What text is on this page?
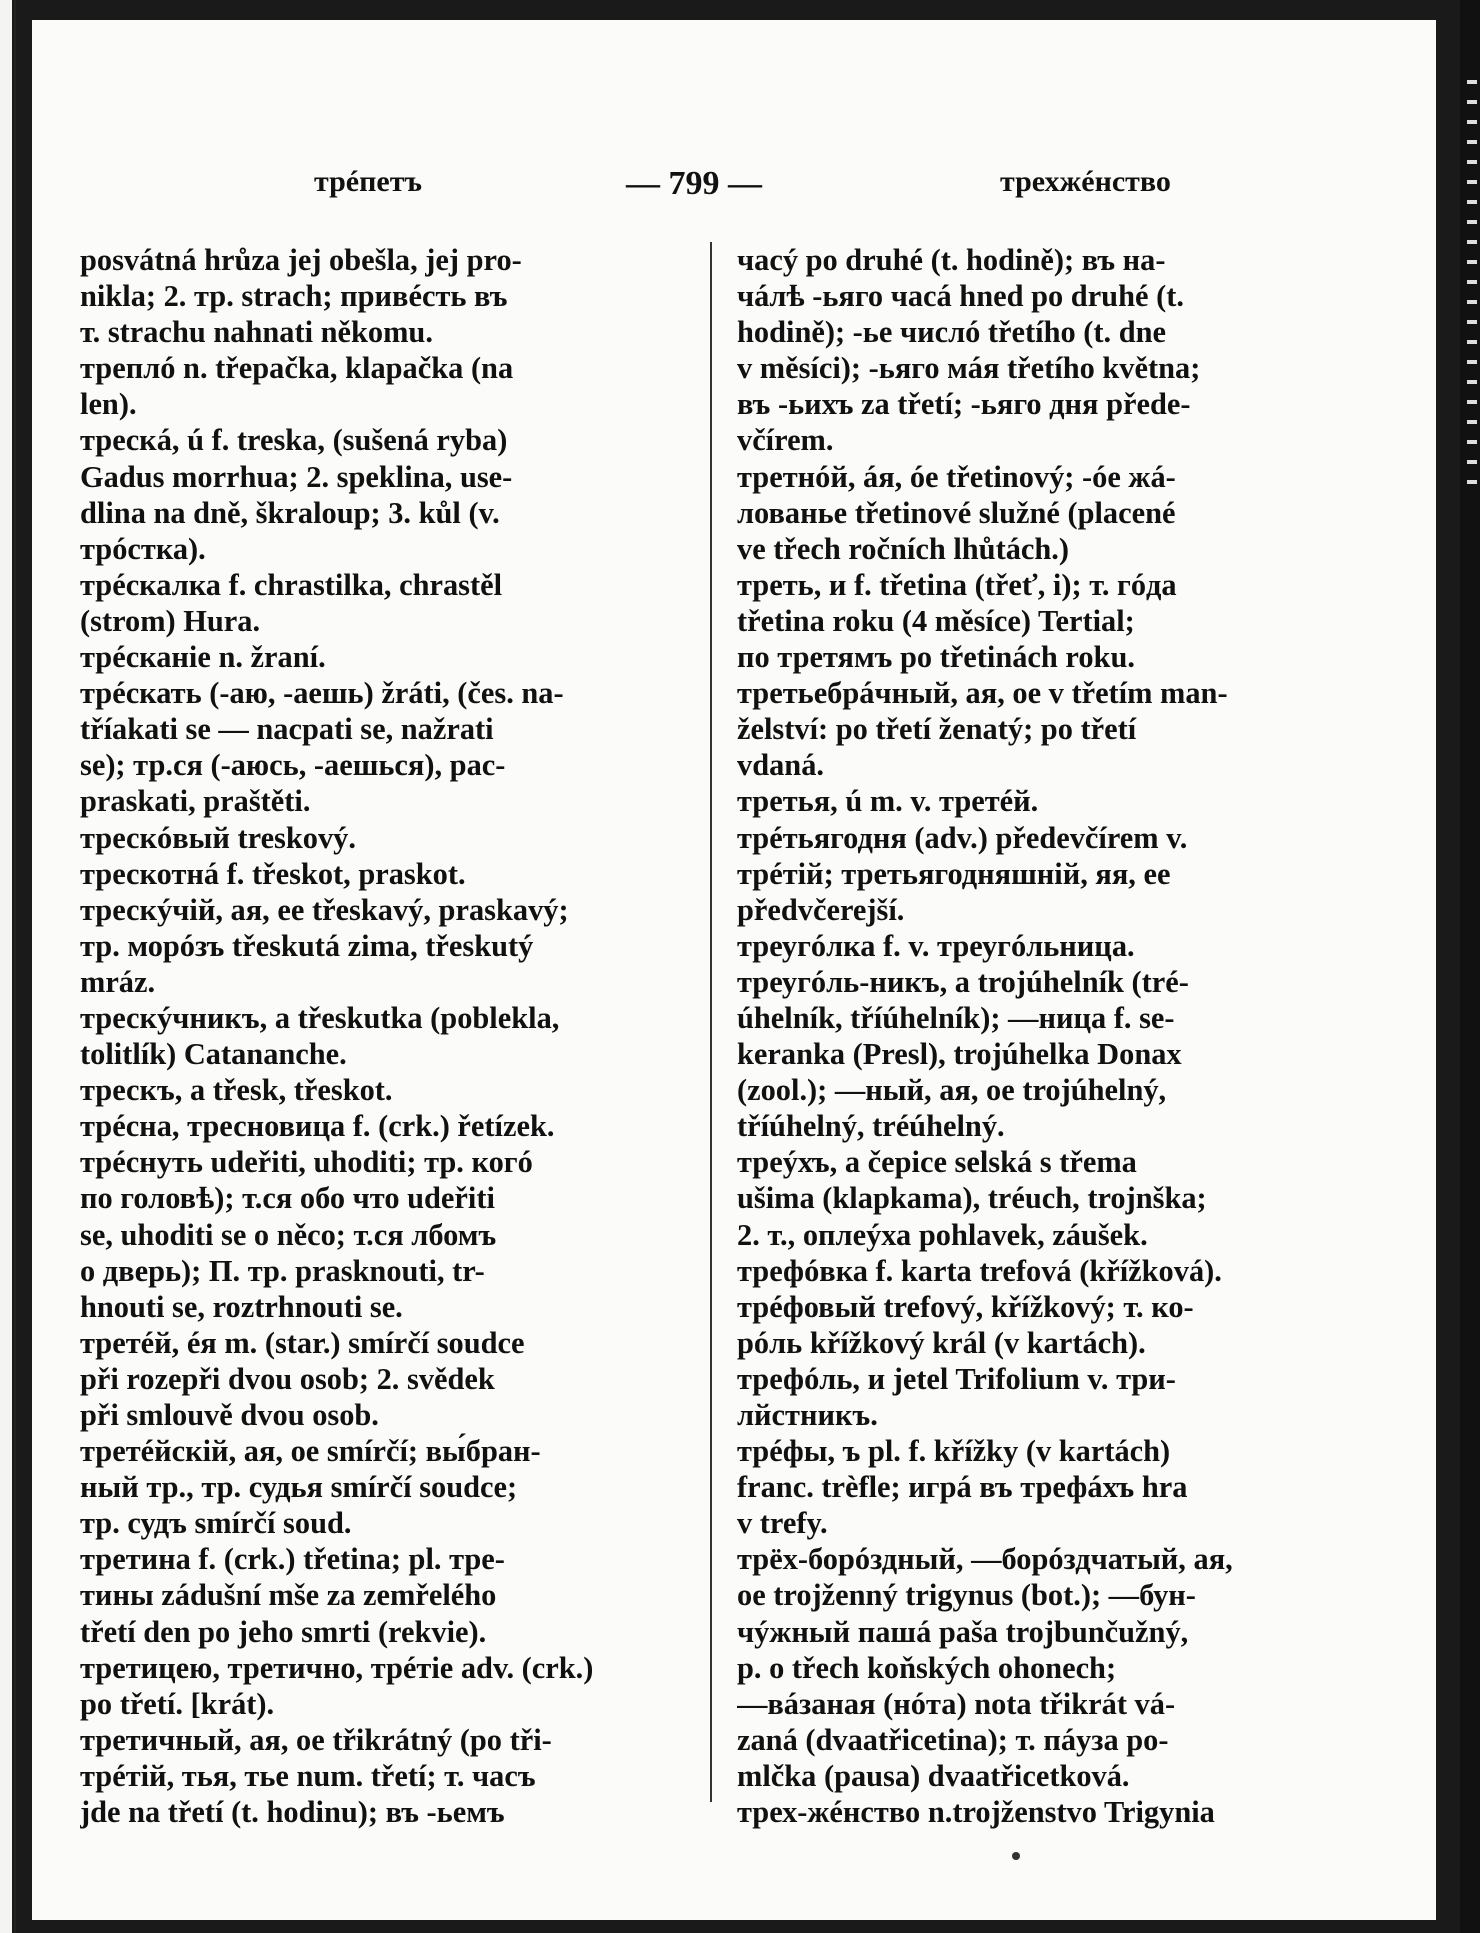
трéпетъ	— 799 —	трехжéнство
posvátná hrůza jej obešla, jej pro-
nikla; 2. тр. strach; привéсть въ
т. strachu nahnati někomu.
треплó n. třepačka, klapačka (na
len).
треcкá, ú f. treska, (sušená ryba)
Gadus morrhua; 2. speklina, use-
dlina na dně, škraloup; 3. kůl (v.
трóстка).
трéскалка f. chrastilka, chrastěl
(strom) Hura.
трéсканіе n. žraní.
трéскать (-аю, -аешь) žráti, (čes. na-
tříakati se — nacpati se, nažrati
se); тр.ся (-аюсь, -аешься), рас-
praskati, praštěti.
трескóвый treskový.
трескотнá f. třeskot, praskot.
трескýчій, ая, ее třeskavý, praskavý;
тр. морóзъ třeskutá zima, třeskutý
mráz.
трескýчникъ, а třeskutka (poblekla,
tolitlík) Catananche.
трескъ, а třesk, třeskot.
трéсна, тресновица f. (crk.) řetízek.
трéснуть udeřiti, uhoditi; тр. когó
по головѣ); т.ся обо что udeřiti
se, uhoditi se o něco; т.ся лбомъ
о дверь); П. тр. prasknouti, tr-
hnouti se, roztrhnouti se.
третéй, éя m. (star.) smírčí soudce
při rozepři dvou osob; 2. svědek
při smlouvě dvou osob.
третéйскій, ая, ое smírčí; вы́бран-
ный тр., тр. судья smírčí soudce;
тр. судъ smírčí soud.
третина f. (crk.) třetina; pl. тре-
тины zádušní mše za zemřelého
třetí den po jeho smrti (rekvie).
третицею, третично, трéтіе adv. (crk.)
po třetí. [krát).
третичный, ая, ое třikrátný (po tři-
трéтій, тья, тье num. třetí; т. часъ
jde na třetí (t. hodinu); въ -ьемъ
часý po druhé (t. hodině); въ на-
чáлѣ -ьяго часá hned po druhé (t.
hodině); -ье числó třetího (t. dne
v měsíci); -ьяго мáя třetího května;
въ -ьихъ za třetí; -ьяго дня přede-
včírem.
третнóй, áя, óе třetinový; -óе жá-
лованье třetinové služné (placené
ve třech ročních lhůtách.)
треть, и f. třetina (třeť, i); т. гóда
třetina roku (4 měsíce) Tertial;
по третямъ po třetinách roku.
третьебрáчный, ая, ое v třetím man-
želství: po třetí ženatý; po třetí
vdaná.
третья, ú m. v. третéй.
трéтьягодня (adv.) předevčírem v.
трéтій; третьягодняшній, яя, ее
předvčerejší.
треугóлка f. v. треугóльница.
треугóль-никъ, а trojúhelník (tré-
úhelník, tříúhelník); —ница f. se-
keranka (Presl), trojúhelka Donax
(zool.); —ный, ая, ое trojúhelný,
tříúhelný, tréúhelný.
треýхъ, а čepice selská s třema
ušima (klapkama), tréuch, trojnška;
2. т., оплеýха pohlavek, záušek.
трефóвка f. karta trefová (křížková).
трéфовый trefový, křížkový; т. ко-
рóль křížkový král (v kartách).
трефóль, и jetel Trifolium v. три-
лйстникъ.
трéфы, ъ pl. f. křížky (v kartách)
franc. trèfle; игрá въ трефáхъ hra
v trefy.
трёх-борóздный, —борóздчатый, ая,
ое trojženný trigynus (bot.); —бун-
чýжный пашá paša trojbunčužný,
р. о třech koňských ohonech;
—вáзаная (нóта) nota třikrát vá-
zaná (dvaatřicetina); т. пáуза po-
mlčka (pausa) dvaatřicetková.
трех-жéнство n.trojženstvo Trigynia
